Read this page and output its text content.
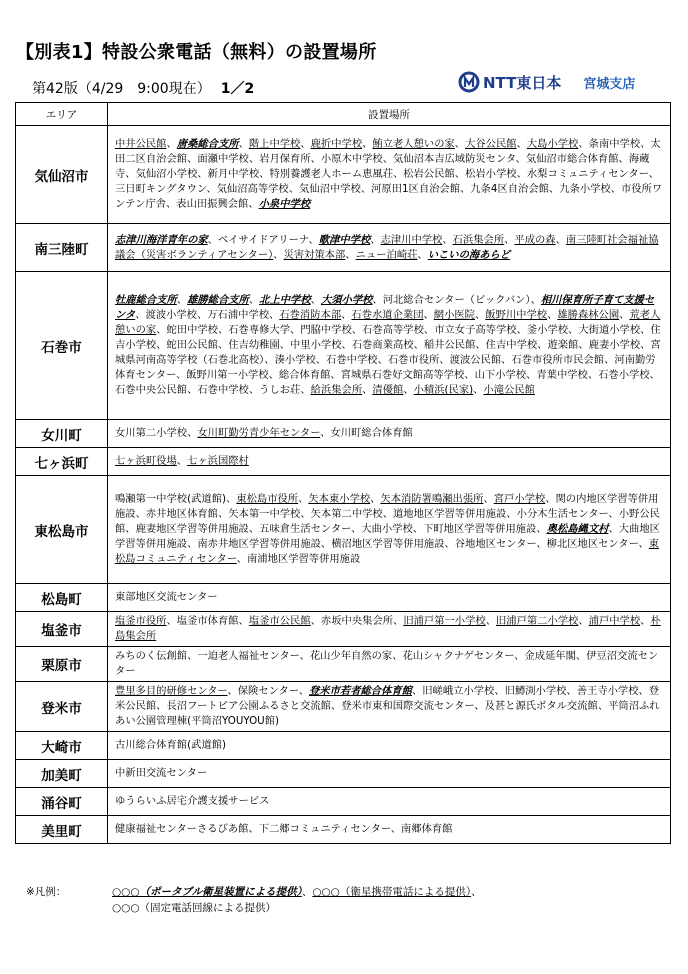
【別表1】特設公衆電話（無料）の設置場所
第42版（4/29　9:00現在） 1／2	NTT東日本 宮城支店
エリア	設置場所
気仙沼市	中井公民館、唐桑総合支所、階上中学校、鹿折中学校、鮪立老人憩いの家、大谷公民館、大島小学校、条南中学校、太田二区自治会館、面瀬中学校、岩月保育所、小原木中学校、気仙沼本吉広域防災センタ、気仙沼市総合体育館、海蔵寺、気仙沼小学校、新月中学校、特別養護老人ホーム恵風荘、松岩公民館、松岩小学校、水梨コミュニティセンター、三日町キングタウン、気仙沼高等学校、気仙沼中学校、河原田1区自治会館、九条4区自治会館、九条小学校、市役所ワンテン庁舎、表山田振興会館、小泉中学校
南三陸町	志津川海洋青年の家、ベイサイドアリーナ、歌津中学校、志津川中学校、石浜集会所、平成の森、南三陸町社会福祉協議会（災害ボランティアセンター）、災害対策本部、ニュー泊崎荘、いこいの海あらど
石巻市	牡鹿総合支所、雄勝総合支所、北上中学校、大須小学校、河北総合センター（ビックバン）、相川保育所子育て支援センタ、渡波小学校、万石浦中学校、石巻消防本部、石巻水道企業団、網小医院、飯野川中学校、雄勝森林公園、荒老人憩いの家、蛇田中学校、石巻専修大学、門脇中学校、石巻高等学校、市立女子高等学校、釜小学校、大街道小学校、住吉小学校、蛇田公民館、住吉幼稚園、中里小学校、石巻商業高校、稲井公民館、住吉中学校、遊楽館、鹿妻小学校、宮城県河南高等学校（石巻北高校）、湊小学校、石巻中学校、石巻市役所、渡波公民館、石巻市役所市民会館、河南勤労体育センター、飯野川第一小学校、総合体育館、宮城県石巻好文館高等学校、山下小学校、青葉中学校、石巻小学校、石巻中央公民館、石巻中学校、うしお荘、給浜集会所、清優館、小積浜(民家)、小滝公民館
女川町	女川第二小学校、女川町勤労青少年センター、女川町総合体育館
七ヶ浜町	七ヶ浜町役場、七ヶ浜国際村
東松島市	鳴瀬第一中学校(武道館)、東松島市役所、矢本東小学校、矢本消防署鳴瀬出張所、宮戸小学校、関の内地区学習等併用施設、赤井地区体育館、矢本第一中学校、矢本第二中学校、道地地区学習等併用施設、小分木生活センター、小野公民館、鹿妻地区学習等併用施設、五味倉生活センター、大曲小学校、下町地区学習等併用施設、奥松島縄文村、大曲地区学習等併用施設、南赤井地区学習等併用施設、横沼地区学習等併用施設、谷地地区センター、柳北区地区センター、東松島コミュニティセンター、南浦地区学習等併用施設
松島町	東部地区交流センター
塩釜市	塩釜市役所、塩釜市体育館、塩釜市公民館、赤坂中央集会所、旧浦戸第一小学校、旧浦戸第二小学校、浦戸中学校、朴島集会所
栗原市	みちのく伝創館、一迫老人福祉センター、花山少年自然の家、花山シャクナゲセンター、金成延年閣、伊豆沼交流センター
登米市	豊里多目的研修センター、保険センター、登米市若者総合体育館、旧嵯峨立小学校、旧鱒渕小学校、善王寺小学校、登米公民館、長沼フートピア公園ふるさと交流館、登米市東和国際交流センター、及甚と源氏ボタル交流館、平筒沼ふれあい公園管理棟(平筒沼YOUYOU館)
大崎市	古川総合体育館(武道館)
加美町	中新田交流センター
涌谷町	ゆうらいふ居宅介護支援サービス
美里町	健康福祉センターさるびあ館、下二郷コミュニティセンター、南郷体育館
※凡例：	○○○（ポータブル衛星装置による提供）、○○○（衛星携帯電話による提供）、
○○○（固定電話回線による提供）
